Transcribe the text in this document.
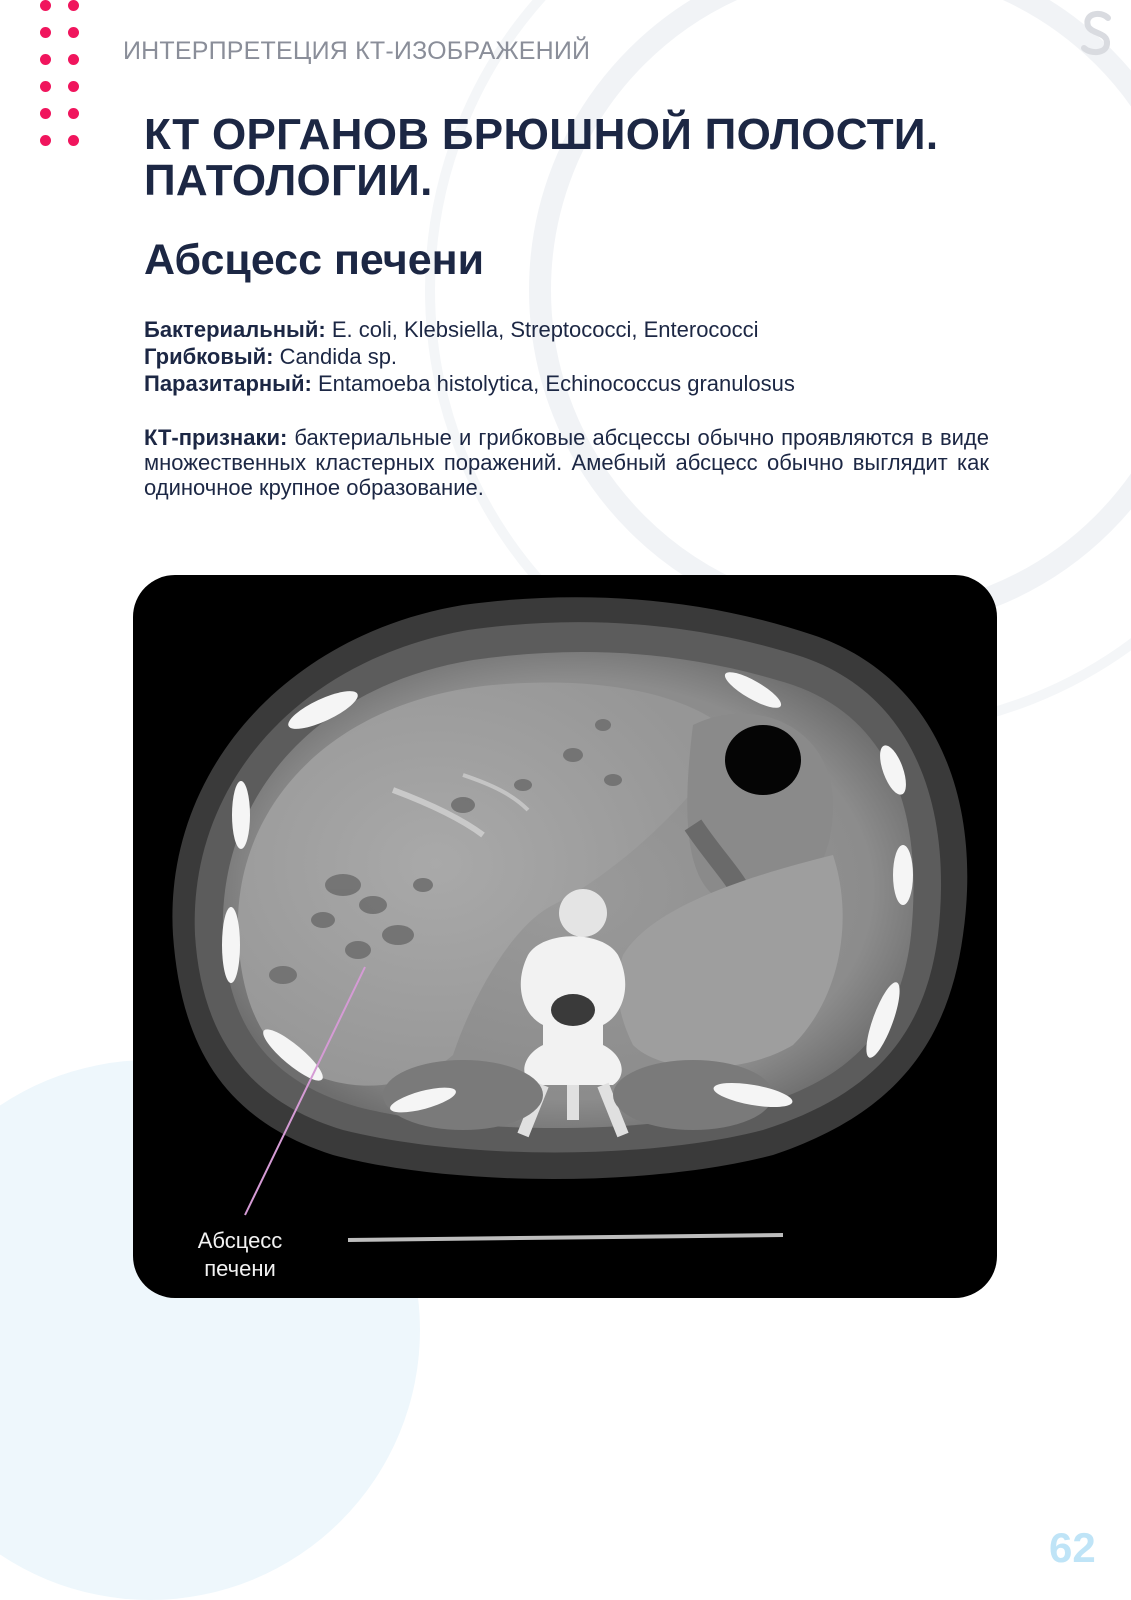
ИНТЕРПРЕТЕЦИЯ КТ-ИЗОБРАЖЕНИЙ
КТ ОРГАНОВ БРЮШНОЙ ПОЛОСТИ.
ПАТОЛОГИИ.
Абсцесс печени
Бактериальный: E. coli, Klebsiella, Streptococci, Enterococci
Грибковый: Candida sp.
Паразитарный: Entamoeba histolytica, Echinococcus granulosus
КТ-признаки: бактериальные и грибковые абсцессы обычно проявляются в виде множественных кластерных поражений. Амебный абсцесс обычно выглядит как одиночное крупное образование.
Абсцесс
печени
62
